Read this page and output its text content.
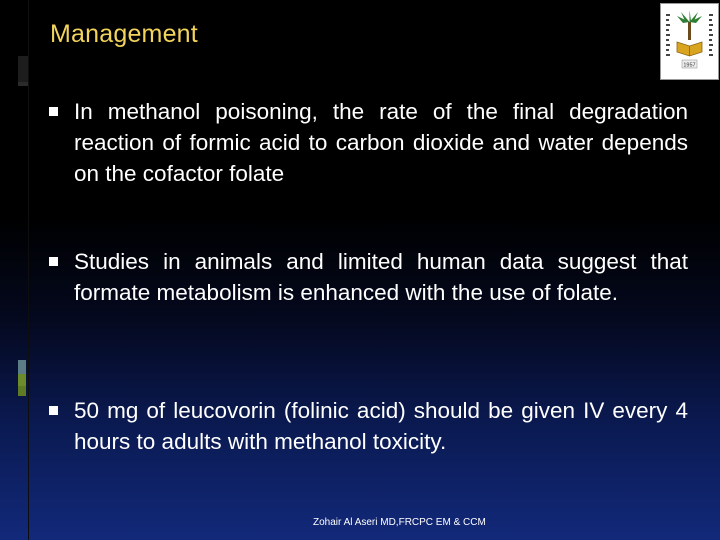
Management
1957
In methanol poisoning, the rate of the final degradation reaction of formic acid to carbon dioxide and water depends on the cofactor folate
Studies in animals and limited human data suggest that formate metabolism is enhanced with the use of folate.
50 mg of leucovorin (folinic acid) should be given IV every 4 hours to adults with methanol toxicity.
Zohair Al Aseri MD,FRCPC EM & CCM
